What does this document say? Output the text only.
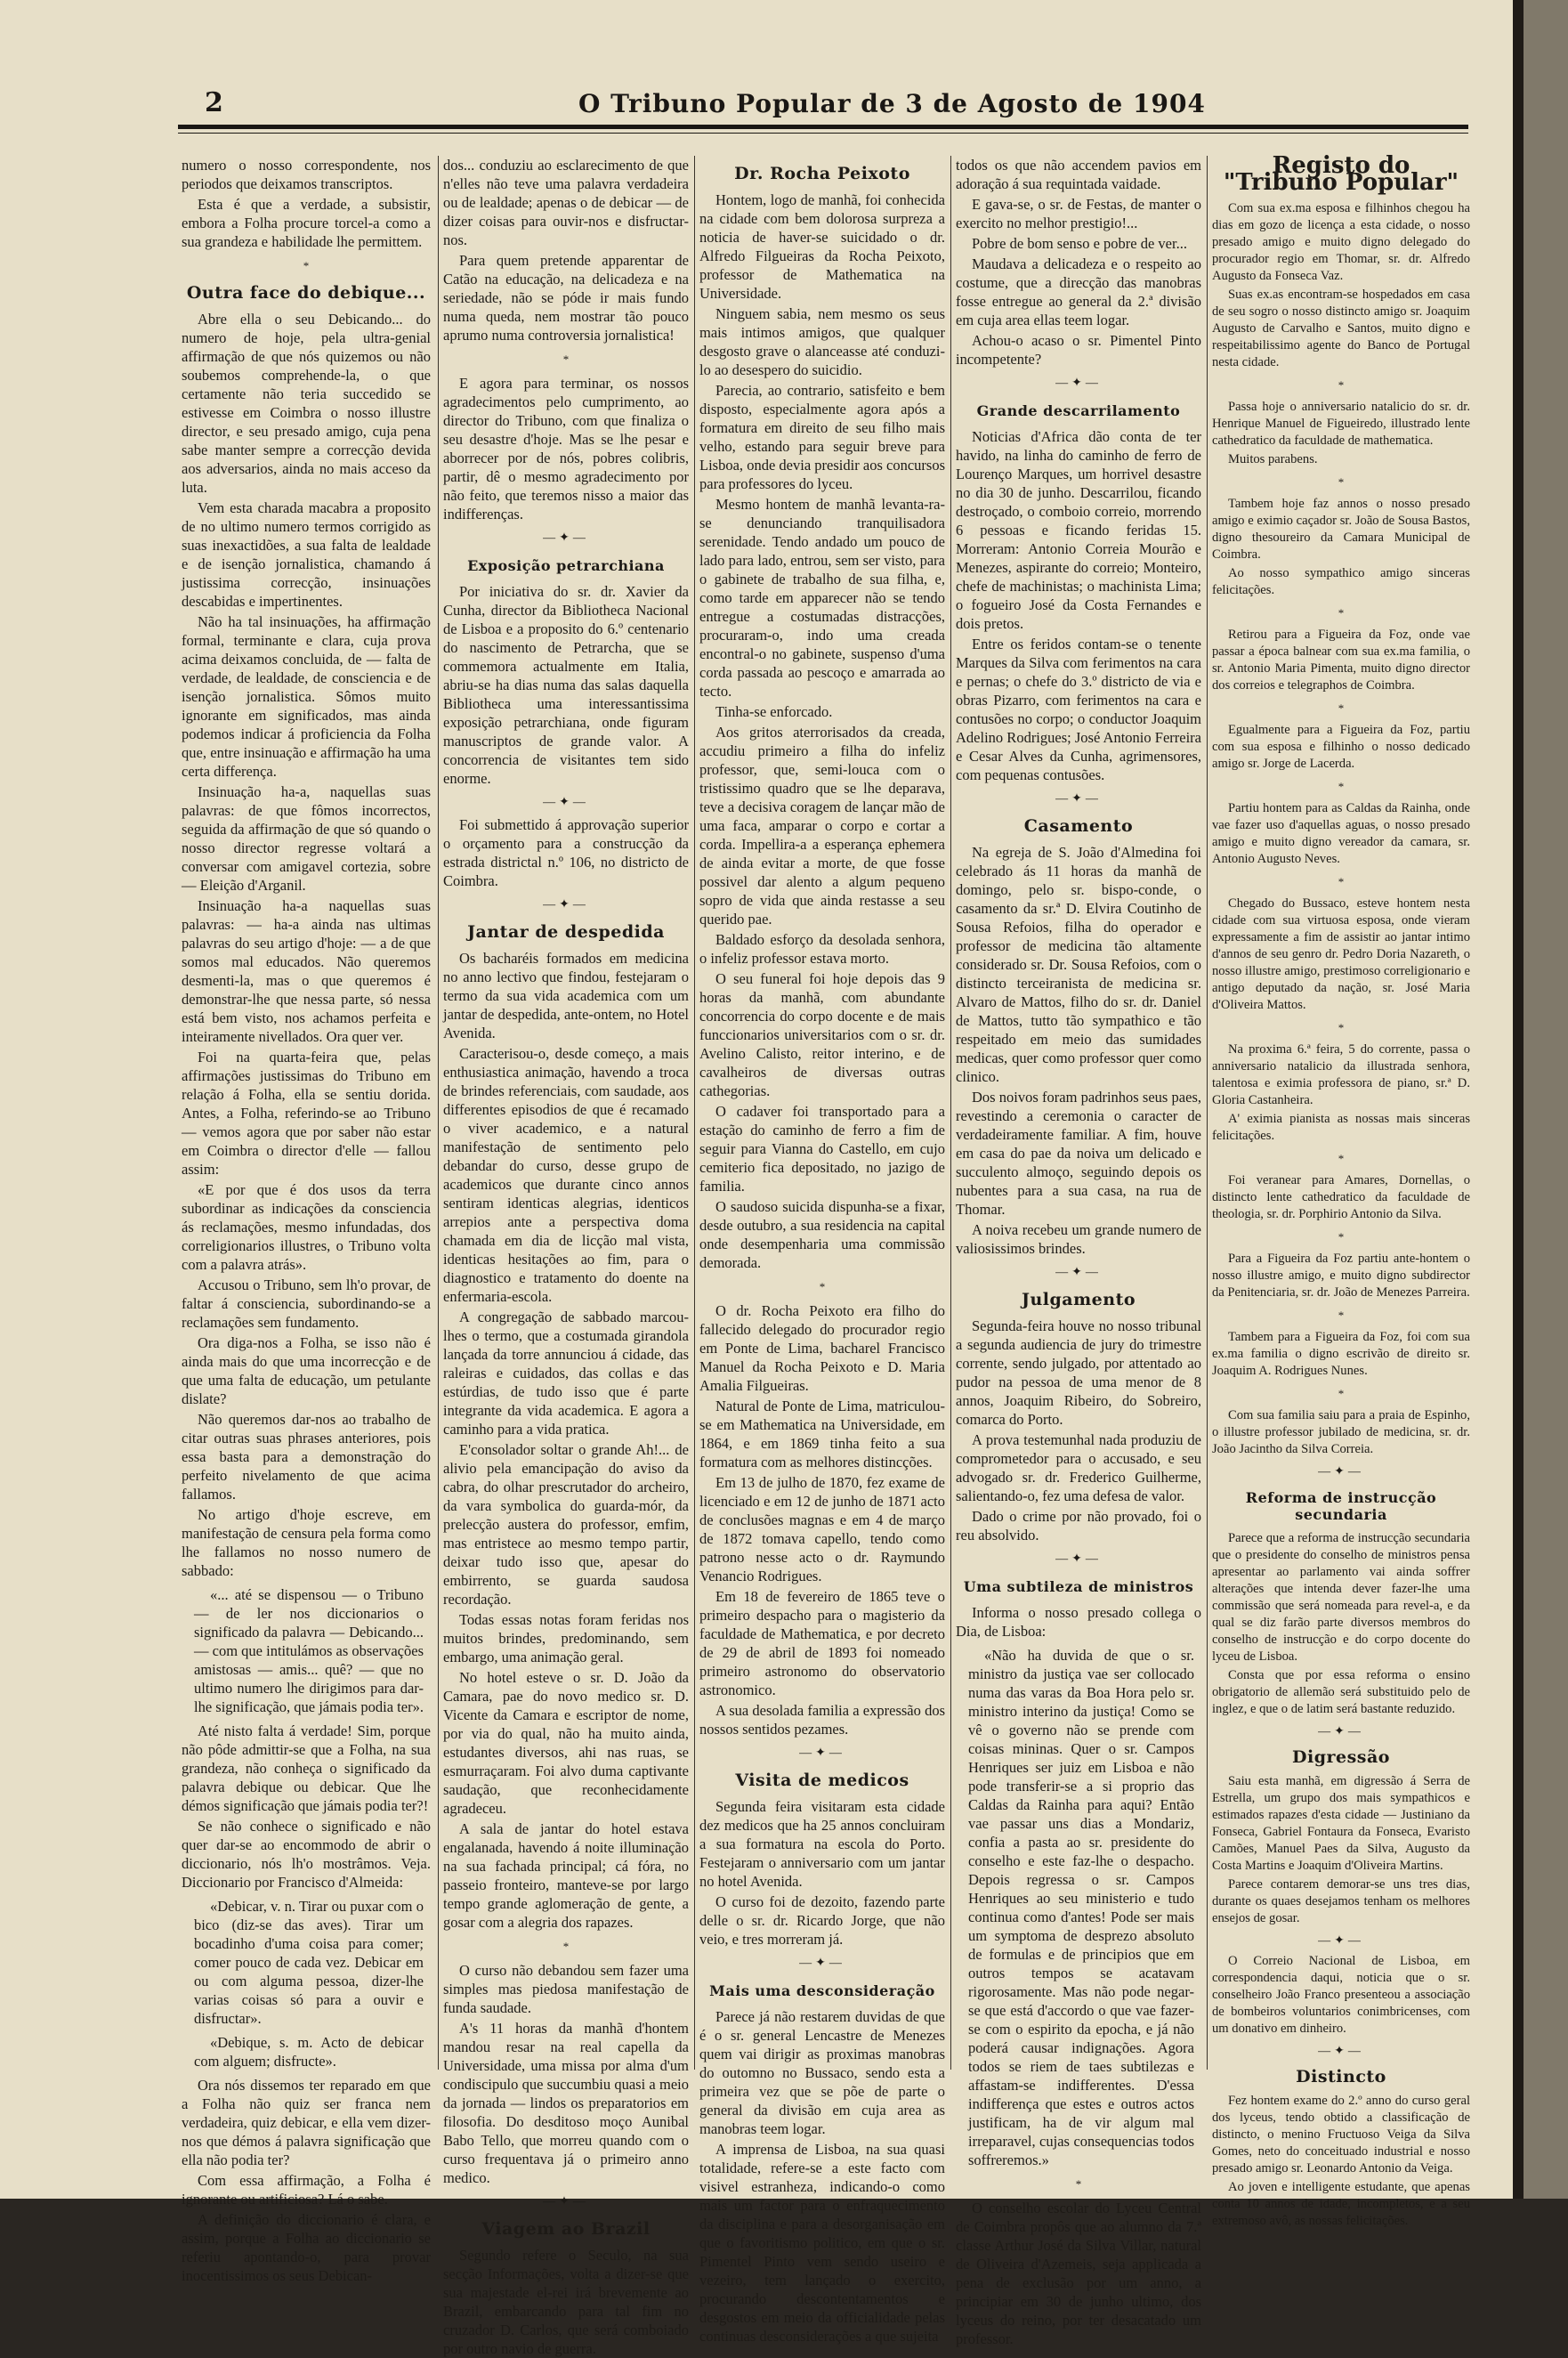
2	O Tribuno Popular de 3 de Agosto de 1904

numero o nosso correspondente, nos periodos que deixamos transcriptos.

Esta é que a verdade, a subsistir, embora a Folha procure torcel-a como a sua grandeza e habilidade lhe permittem.

*
Outra face do debique...

Abre ella o seu Debicando... do numero de hoje, pela ultra-genial affirmação de que nós quizemos ou não soubemos comprehende-la, o que certamente não teria succedido se estivesse em Coimbra o nosso illustre director, e seu presado amigo, cuja pena sabe manter sempre a correcção devida aos adversarios, ainda no mais acceso da luta.

Vem esta charada macabra a proposito de no ultimo numero termos corrigido as suas inexactidões, a sua falta de lealdade e de isenção jornalistica, chamando á justissima correcção, insinuações descabidas e impertinentes.

Não ha tal insinuações, ha affirmação formal, terminante e clara, cuja prova acima deixamos concluida, de — falta de verdade, de lealdade, de consciencia e de isenção jornalistica. Sômos muito ignorante em significados, mas ainda podemos indicar á proficiencia da Folha que, entre insinuação e affirmação ha uma certa differença.

Insinuação ha-a, naquellas suas palavras: de que fômos incorrectos, seguida da affirmação de que só quando o nosso director regresse voltará a conversar com amigavel cortezia, sobre — Eleição d'Arganil.

Insinuação ha-a naquellas suas palavras: — ha-a ainda nas ultimas palavras do seu artigo d'hoje: — a de que somos mal educados. Não queremos desmenti-la, mas o que queremos é demonstrar-lhe que nessa parte, só nessa está bem visto, nos achamos perfeita e inteiramente nivellados. Ora quer ver.

Foi na quarta-feira que, pelas affirmações justissimas do Tribuno em relação á Folha, ella se sentiu dorida. Antes, a Folha, referindo-se ao Tribuno — vemos agora que por saber não estar em Coimbra o director d'elle — fallou assim:

«E por que é dos usos da terra subordinar as indicações da consciencia ás reclamações, mesmo infundadas, dos correligionarios illustres, o Tribuno volta com a palavra atrás».

Accusou o Tribuno, sem lh'o provar, de faltar á consciencia, subordinando-se a reclamações sem fundamento.

Ora diga-nos a Folha, se isso não é ainda mais do que uma incorrecção e de que uma falta de educação, um petulante dislate?

Não queremos dar-nos ao trabalho de citar outras suas phrases anteriores, pois essa basta para a demonstração do perfeito nivelamento de que acima fallamos.

No artigo d'hoje escreve, em manifestação de censura pela forma como lhe fallamos no nosso numero de sabbado:

«... até se dispensou — o Tribuno — de ler nos diccionarios o significado da palavra — Debicando... — com que intitulámos as observações amistosas — amis... quê? — que no ultimo numero lhe dirigimos para dar-lhe significação, que jámais podia ter».

Até nisto falta á verdade! Sim, porque não pôde admittir-se que a Folha, na sua grandeza, não conheça o significado da palavra debique ou debicar. Que lhe démos significação que jámais podia ter?!

Se não conhece o significado e não quer dar-se ao encommodo de abrir o diccionario, nós lh'o mostrâmos. Veja. Diccionario por Francisco d'Almeida:

«Debicar, v. n. Tirar ou puxar com o bico (diz-se das aves). Tirar um bocadinho d'uma coisa para comer; comer pouco de cada vez. Debicar em ou com alguma pessoa, dizer-lhe varias coisas só para a ouvir e disfructar».

«Debique, s. m. Acto de debicar com alguem; disfructe».

Ora nós dissemos ter reparado em que a Folha não quiz ser franca nem verdadeira, quiz debicar, e ella vem dizer-nos que démos á palavra significação que ella não podia ter?

Com essa affirmação, a Folha é ignorante ou artificiosa? Lá o sabe.

A definição do diccionario é clara, e assim, porque a Folha ao diccionario se referiu apontando-o, para provar inocentissimos os seus Debican-

dos... conduziu ao esclarecimento de que n'elles não teve uma palavra verdadeira ou de lealdade; apenas o de debicar — de dizer coisas para ouvir-nos e disfructar-nos.

Para quem pretende apparentar de Catão na educação, na delicadeza e na seriedade, não se póde ir mais fundo numa queda, nem mostrar tão pouco aprumo numa controversia jornalistica!

*

E agora para terminar, os nossos agradecimentos pelo cumprimento, ao director do Tribuno, com que finaliza o seu desastre d'hoje. Mas se lhe pesar e aborrecer por de nós, pobres colibris, partir, dê o mesmo agradecimento por não feito, que teremos nisso a maior das indifferenças.

—✦—
Exposição petrarchiana

Por iniciativa do sr. dr. Xavier da Cunha, director da Bibliotheca Nacional de Lisboa e a proposito do 6.º centenario do nascimento de Petrarcha, que se commemora actualmente em Italia, abriu-se ha dias numa das salas daquella Bibliotheca uma interessantissima exposição petrarchiana, onde figuram manuscriptos de grande valor. A concorrencia de visitantes tem sido enorme.

—✦—

Foi submettido á approvação superior o orçamento para a construcção da estrada districtal n.º 106, no districto de Coimbra.

—✦—
Jantar de despedida

Os bacharéis formados em medicina no anno lectivo que findou, festejaram o termo da sua vida academica com um jantar de despedida, ante-ontem, no Hotel Avenida.

Caracterisou-o, desde começo, a mais enthusiastica animação, havendo a troca de brindes referenciais, com saudade, aos differentes episodios de que é recamado o viver academico, e a natural manifestação de sentimento pelo debandar do curso, desse grupo de academicos que durante cinco annos sentiram identicas alegrias, identicos arrepios ante a perspectiva doma chamada em dia de licção mal vista, identicas hesitações ao fim, para o diagnostico e tratamento do doente na enfermaria-escola.

A congregação de sabbado marcou-lhes o termo, que a costumada girandola lançada da torre annunciou á cidade, das raleiras e cuidados, das collas e das estúrdias, de tudo isso que é parte integrante da vida academica. E agora a caminho para a vida pratica.

E'consolador soltar o grande Ah!... de alivio pela emancipação do aviso da cabra, do olhar prescrutador do archeiro, da vara symbolica do guarda-mór, da prelecção austera do professor, emfim, mas entristece ao mesmo tempo partir, deixar tudo isso que, apesar do embirrento, se guarda saudosa recordação.

Todas essas notas foram feridas nos muitos brindes, predominando, sem embargo, uma animação geral.

No hotel esteve o sr. D. João da Camara, pae do novo medico sr. D. Vicente da Camara e escriptor de nome, por via do qual, não ha muito ainda, estudantes diversos, ahi nas ruas, se esmurraçaram. Foi alvo duma captivante saudação, que reconhecidamente agradeceu.

A sala de jantar do hotel estava engalanada, havendo á noite illuminação na sua fachada principal; cá fóra, no passeio fronteiro, manteve-se por largo tempo grande aglomeração de gente, a gosar com a alegria dos rapazes.

*

O curso não debandou sem fazer uma simples mas piedosa manifestação de funda saudade.

A's 11 horas da manhã d'hontem mandou resar na real capella da Universidade, uma missa por alma d'um condiscipulo que succumbiu quasi a meio da jornada — lindos os preparatorios em filosofia. Do desditoso moço Aunibal Babo Tello, que morreu quando com o curso frequentava já o primeiro anno medico.

—✦—
Viagem ao Brazil

Segundo refere o Seculo, na sua secção Informações, volta a dizer-se que sua majestade el-rei irá brevemente ao Brazil, embarcando para tal fim no cruzador D. Carlos, que será comboiado por outro navio de guerra.

Dr. Rocha Peixoto

Hontem, logo de manhã, foi conhecida na cidade com bem dolorosa surpreza a noticia de haver-se suicidado o dr. Alfredo Filgueiras da Rocha Peixoto, professor de Mathematica na Universidade.

Ninguem sabia, nem mesmo os seus mais intimos amigos, que qualquer desgosto grave o alanceasse até conduzi-lo ao desespero do suicidio.

Parecia, ao contrario, satisfeito e bem disposto, especialmente agora após a formatura em direito de seu filho mais velho, estando para seguir breve para Lisboa, onde devia presidir aos concursos para professores do lyceu.

Mesmo hontem de manhã levanta-ra-se denunciando tranquilisadora serenidade. Tendo andado um pouco de lado para lado, entrou, sem ser visto, para o gabinete de trabalho de sua filha, e, como tarde em apparecer não se tendo entregue a costumadas distracções, procuraram-o, indo uma creada encontral-o no gabinete, suspenso d'uma corda passada ao pescoço e amarrada ao tecto.

Tinha-se enforcado.

Aos gritos aterrorisados da creada, accudiu primeiro a filha do infeliz professor, que, semi-louca com o tristissimo quadro que se lhe deparava, teve a decisiva coragem de lançar mão de uma faca, amparar o corpo e cortar a corda. Impellira-a a esperança ephemera de ainda evitar a morte, de que fosse possivel dar alento a algum pequeno sopro de vida que ainda restasse a seu querido pae.

Baldado esforço da desolada senhora, o infeliz professor estava morto.

O seu funeral foi hoje depois das 9 horas da manhã, com abundante concorrencia do corpo docente e de mais funccionarios universitarios com o sr. dr. Avelino Calisto, reitor interino, e de cavalheiros de diversas outras cathegorias.

O cadaver foi transportado para a estação do caminho de ferro a fim de seguir para Vianna do Castello, em cujo cemiterio fica depositado, no jazigo de familia.

O saudoso suicida dispunha-se a fixar, desde outubro, a sua residencia na capital onde desempenharia uma commissão demorada.

*

O dr. Rocha Peixoto era filho do fallecido delegado do procurador regio em Ponte de Lima, bacharel Francisco Manuel da Rocha Peixoto e D. Maria Amalia Filgueiras.

Natural de Ponte de Lima, matriculou-se em Mathematica na Universidade, em 1864, e em 1869 tinha feito a sua formatura com as melhores distincções.

Em 13 de julho de 1870, fez exame de licenciado e em 12 de junho de 1871 acto de conclusões magnas e em 4 de março de 1872 tomava capello, tendo como patrono nesse acto o dr. Raymundo Venancio Rodrigues.

Em 18 de fevereiro de 1865 teve o primeiro despacho para o magisterio da faculdade de Mathematica, e por decreto de 29 de abril de 1893 foi nomeado primeiro astronomo do observatorio astronomico.

A sua desolada familia a expressão dos nossos sentidos pezames.

—✦—
Visita de medicos

Segunda feira visitaram esta cidade dez medicos que ha 25 annos concluiram a sua formatura na escola do Porto. Festejaram o anniversario com um jantar no hotel Avenida.

O curso foi de dezoito, fazendo parte delle o sr. dr. Ricardo Jorge, que não veio, e tres morreram já.

—✦—
Mais uma desconsideração

Parece já não restarem duvidas de que é o sr. general Lencastre de Menezes quem vai dirigir as proximas manobras do outomno no Bussaco, sendo esta a primeira vez que se põe de parte o general da divisão em cuja area as manobras teem logar.

A imprensa de Lisboa, na sua quasi totalidade, refere-se a este facto com visivel estranheza, indicando-o como mais um factor para o enfraquecimento da disciplina e para a desorganisação em que o favoritismo politico, em que o sr. Pimentel Pinto vem sendo useiro e vezeiro, tem lançado o exercito, procurando descontentamentos e desgostos em meio da officialidade pelas continuas desconsiderações a que sujeita

todos os que não accendem pavios em adoração á sua requintada vaidade.

E gava-se, o sr. de Festas, de manter o exercito no melhor prestigio!...

Pobre de bom senso e pobre de ver...

Maudava a delicadeza e o respeito ao costume, que a direcção das manobras fosse entregue ao general da 2.ª divisão em cuja area ellas teem logar.

Achou-o acaso o sr. Pimentel Pinto incompetente?

—✦—
Grande descarrilamento

Noticias d'Africa dão conta de ter havido, na linha do caminho de ferro de Lourenço Marques, um horrivel desastre no dia 30 de junho. Descarrilou, ficando destroçado, o comboio correio, morrendo 6 pessoas e ficando feridas 15. Morreram: Antonio Correia Mourão e Menezes, aspirante do correio; Monteiro, chefe de machinistas; o machinista Lima; o fogueiro José da Costa Fernandes e dois pretos.

Entre os feridos contam-se o tenente Marques da Silva com ferimentos na cara e pernas; o chefe do 3.º districto de via e obras Pizarro, com ferimentos na cara e contusões no corpo; o conductor Joaquim Adelino Rodrigues; José Antonio Ferreira e Cesar Alves da Cunha, agrimensores, com pequenas contusões.

—✦—
Casamento

Na egreja de S. João d'Almedina foi celebrado ás 11 horas da manhã de domingo, pelo sr. bispo-conde, o casamento da sr.ª D. Elvira Coutinho de Sousa Refoios, filha do operador e professor de medicina tão altamente considerado sr. Dr. Sousa Refoios, com o distincto terceiranista de medicina sr. Alvaro de Mattos, filho do sr. dr. Daniel de Mattos, tutto tão sympathico e tão respeitado em meio das sumidades medicas, quer como professor quer como clinico.

Dos noivos foram padrinhos seus paes, revestindo a ceremonia o caracter de verdadeiramente familiar. A fim, houve em casa do pae da noiva um delicado e succulento almoço, seguindo depois os nubentes para a sua casa, na rua de Thomar.

A noiva recebeu um grande numero de valiosissimos brindes.

—✦—
Julgamento

Segunda-feira houve no nosso tribunal a segunda audiencia de jury do trimestre corrente, sendo julgado, por attentado ao pudor na pessoa de uma menor de 8 annos, Joaquim Ribeiro, do Sobreiro, comarca do Porto.

A prova testemunhal nada produziu de comprometedor para o accusado, e seu advogado sr. dr. Frederico Guilherme, salientando-o, fez uma defesa de valor.

Dado o crime por não provado, foi o reu absolvido.

—✦—
Uma subtileza de ministros

Informa o nosso presado collega o Dia, de Lisboa:

«Não ha duvida de que o sr. ministro da justiça vae ser collocado numa das varas da Boa Hora pelo sr. ministro interino da justiça! Como se vê o governo não se prende com coisas mininas. Quer o sr. Campos Henriques ser juiz em Lisboa e não pode transferir-se a si proprio das Caldas da Rainha para aqui? Então vae passar uns dias a Mondariz, confia a pasta ao sr. presidente do conselho e este faz-lhe o despacho. Depois regressa o sr. Campos Henriques ao seu ministerio e tudo continua como d'antes! Pode ser mais um symptoma de desprezo absoluto de formulas e de principios que em outros tempos se acatavam rigorosamente. Mas não pode negar-se que está d'accordo o que vae fazer-se com o espirito da epocha, e já não poderá causar indignações. Agora todos se riem de taes subtilezas e affastam-se indifferentes. D'essa indifferença que estes e outros actos justificam, ha de vir algum mal irreparavel, cujas consequencias todos soffreremos.»

*

O conselho escolar do Lyceu Central de Coimbra propôs que ao alumno da 7.ª classe Arthur José da Silva Villar, natural de Oliveira d'Azemeis, seja applicada a pena de exclusão por um anno, a principiar em 30 de junho ultimo, dos lyceus do reino, por ter desacatado um professor.

Registo do "Tribuno Popular"

Com sua ex.ma esposa e filhinhos chegou ha dias em gozo de licença a esta cidade, o nosso presado amigo e muito digno delegado do procurador regio em Thomar, sr. dr. Alfredo Augusto da Fonseca Vaz.

Suas ex.as encontram-se hospedados em casa de seu sogro o nosso distincto amigo sr. Joaquim Augusto de Carvalho e Santos, muito digno e respeitabilissimo agente do Banco de Portugal nesta cidade.

*

Passa hoje o anniversario natalicio do sr. dr. Henrique Manuel de Figueiredo, illustrado lente cathedratico da faculdade de mathematica.

Muitos parabens.

*

Tambem hoje faz annos o nosso presado amigo e eximio caçador sr. João de Sousa Bastos, digno thesoureiro da Camara Municipal de Coimbra.

Ao nosso sympathico amigo sinceras felicitações.

*

Retirou para a Figueira da Foz, onde vae passar a época balnear com sua ex.ma familia, o sr. Antonio Maria Pimenta, muito digno director dos correios e telegraphos de Coimbra.

*

Egualmente para a Figueira da Foz, partiu com sua esposa e filhinho o nosso dedicado amigo sr. Jorge de Lacerda.

*

Partiu hontem para as Caldas da Rainha, onde vae fazer uso d'aquellas aguas, o nosso presado amigo e muito digno vereador da camara, sr. Antonio Augusto Neves.

*

Chegado do Bussaco, esteve hontem nesta cidade com sua virtuosa esposa, onde vieram expressamente a fim de assistir ao jantar intimo d'annos de seu genro dr. Pedro Doria Nazareth, o nosso illustre amigo, prestimoso correligionario e antigo deputado da nação, sr. José Maria d'Oliveira Mattos.

*

Na proxima 6.ª feira, 5 do corrente, passa o anniversario natalicio da illustrada senhora, talentosa e eximia professora de piano, sr.ª D. Gloria Castanheira.

A' eximia pianista as nossas mais sinceras felicitações.

*

Foi veranear para Amares, Dornellas, o distincto lente cathedratico da faculdade de theologia, sr. dr. Porphirio Antonio da Silva.

*

Para a Figueira da Foz partiu ante-hontem o nosso illustre amigo, e muito digno subdirector da Penitenciaria, sr. dr. João de Menezes Parreira.

*

Tambem para a Figueira da Foz, foi com sua ex.ma familia o digno escrivão de direito sr. Joaquim A. Rodrigues Nunes.

*

Com sua familia saiu para a praia de Espinho, o illustre professor jubilado de medicina, sr. dr. João Jacintho da Silva Correia.

—✦—
Reforma de instrucção secundaria

Parece que a reforma de instrucção secundaria que o presidente do conselho de ministros pensa apresentar ao parlamento vai ainda soffrer alterações que intenda dever fazer-lhe uma commissão que será nomeada para revel-a, e da qual se diz farão parte diversos membros do conselho de instrucção e do corpo docente do lyceu de Lisboa.

Consta que por essa reforma o ensino obrigatorio de allemão será substituido pelo de inglez, e que o de latim será bastante reduzido.

—✦—
Digressão

Saiu esta manhã, em digressão á Serra de Estrella, um grupo dos mais sympathicos e estimados rapazes d'esta cidade — Justiniano da Fonseca, Gabriel Fontaura da Fonseca, Evaristo Camões, Manuel Paes da Silva, Augusto da Costa Martins e Joaquim d'Oliveira Martins.

Parece contarem demorar-se uns tres dias, durante os quaes desejamos tenham os melhores ensejos de gosar.

—✦—

O Correio Nacional de Lisboa, em correspondencia daqui, noticia que o sr. conselheiro João Franco presenteou a associação de bombeiros voluntarios conimbricenses, com um donativo em dinheiro.

—✦—
Distincto

Fez hontem exame do 2.º anno do curso geral dos lyceus, tendo obtido a classificação de distincto, o menino Fructuoso Veiga da Silva Gomes, neto do conceituado industrial e nosso presado amigo sr. Leonardo Antonio da Veiga.

Ao joven e intelligente estudante, que apenas conta 10 annos de idade, incompletos, e a seu extremoso avô, as nossas felicitações.
